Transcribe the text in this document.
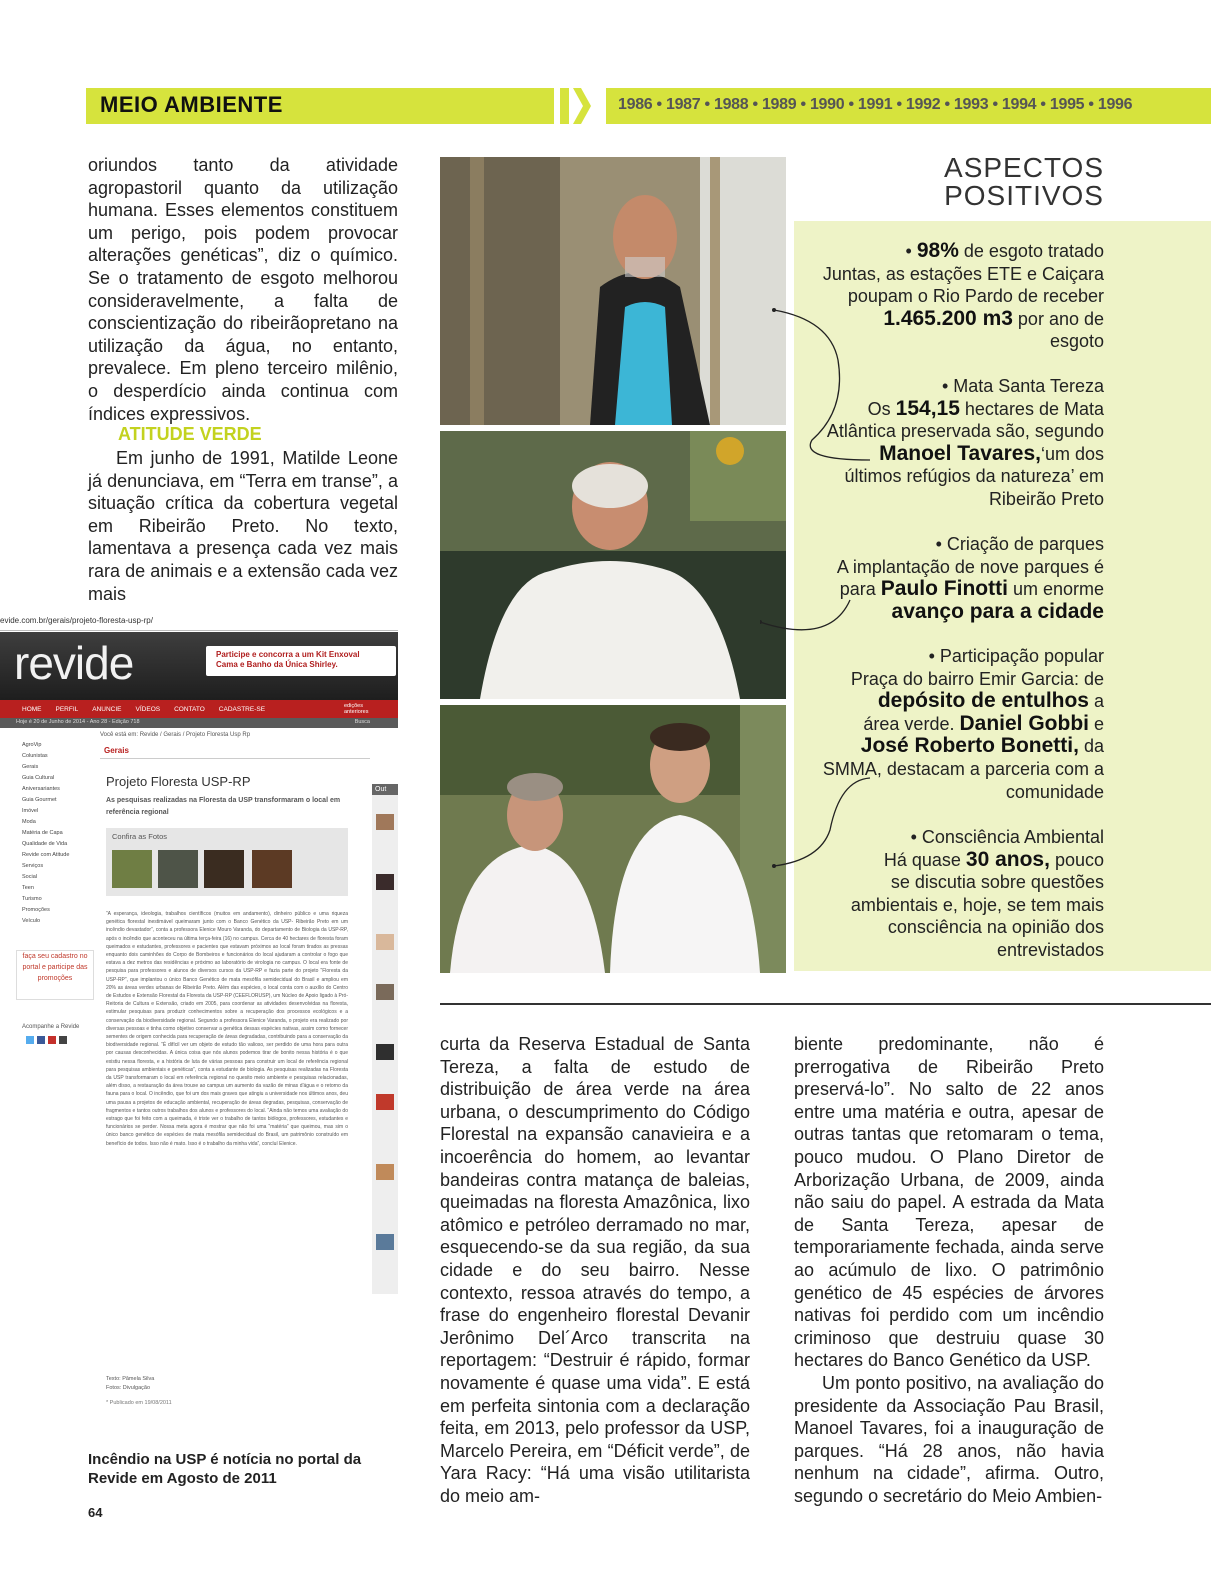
MEIO AMBIENTE	1986 • 1987 • 1988 • 1989 • 1990 • 1991 • 1992 • 1993 • 1994 • 1995 • 1996

oriundos tanto da atividade agropastoril quanto da utilização humana. Esses elementos constituem um perigo, pois podem provocar alterações genéticas”, diz o químico. Se o tratamento de esgoto melhorou consideravelmente, a falta de conscientização do ribeirãopretano na utilização da água, no entanto, prevalece. Em pleno terceiro milênio, o desperdício ainda continua com índices expressivos.

ATITUDE VERDE

Em junho de 1991, Matilde Leone já denunciava, em “Terra em transe”, a situação crítica da cobertura vegetal em Ribeirão Preto. No texto, lamentava a presença cada vez mais rara de animais e a extensão cada vez mais

ASPECTOS
POSITIVOS
• 98% de esgoto tratado
Juntas, as estações ETE e Caiçara
poupam o Rio Pardo de receber
1.465.200 m3 por ano de
esgoto
• Mata Santa Tereza
Os 154,15 hectares de Mata
Atlântica preservada são, segundo
Manoel Tavares,‘um dos
últimos refúgios da natureza’ em
Ribeirão Preto
• Criação de parques
A implantação de nove parques é
para Paulo Finotti um enorme
avanço para a cidade
• Participação popular
Praça do bairro Emir Garcia: de
depósito de entulhos a
área verde. Daniel Gobbi e
José Roberto Bonetti, da
SMMA, destacam a parceria com a
comunidade
• Consciência Ambiental
Há quase 30 anos, pouco
se discutia sobre questões
ambientais e, hoje, se tem mais
consciência na opinião dos
entrevistados
evide.com.br/gerais/projeto-floresta-usp-rp/
revide	Participe e concorra a um Kit Enxoval
Cama e Banho da Única Shirley.
HOME PERFIL ANUNCIE VÍDEOS CONTATO CADASTRE-SE	edições anteriores
Hoje é 20 de Junho de 2014 - Ano 28 - Edição 718	Busca
AgroVip
Colunistas
Gerais
Guia Cultural
Aniversariantes
Guia Gourmet
Imóvel
Moda
Matéria de Capa
Qualidade de Vida
Revide com Atitude
Serviços
Social
Teen
Turismo
Promoções
Veículo
faça seu cadastro no portal e participe das promoções
Acompanhe a Revide
Você está em: Revide / Gerais / Projeto Floresta Usp Rp
Gerais
Projeto Floresta USP-RP
As pesquisas realizadas na Floresta da USP transformaram o local em referência regional
Confira as Fotos
“A esperança, ideologia, trabalhos científicos (muitos em andamento), dinheiro público e uma riqueza genética florestal inestimável queimaram junto com o Banco Genético da USP- Ribeirão Preto em um incêndio devastador”, conta a professora Elenice Mouro Varanda, do departamento de Biologia da USP-RP, após o incêndio que aconteceu na última terça-feira (16) no campus. Cerca de 40 hectares de floresta foram queimados e estudantes, professores e pacientes que estavam próximos ao local foram tirados as pressas enquanto dois caminhões do Corpo de Bombeiros e funcionários do local ajudaram a controlar o fogo que estava a dez metros das residências e próximo ao laboratório de virologia no campus. O local era fonte de pesquisa para professores e alunos de diversos cursos da USP-RP e fazia parte do projeto “Floresta da USP-RP”, que implantou o único Banco Genético de mata mesófila semidecidual do Brasil e ampliou em 20% as áreas verdes urbanas de Ribeirão Preto. Além das espécies, o local conta com o auxílio do Centro de Estudos e Extensão Florestal da Floresta da USP-RP (CEEFLORUSP), um Núcleo de Apoio ligado à Pró-Reitoria de Cultura e Extensão, criado em 2005, para coordenar as atividades desenvolvidas na floresta, estimular pesquisas para produzir conhecimentos sobre a recuperação dos processos ecológicos e a conservação da biodiversidade regional. Segundo a professora Elenice Varanda, o projeto era realizado por diversas pessoas e tinha como objetivo conservar a genética dessas espécies nativas, assim como fornecer sementes de origem conhecida para recuperação de áreas degradadas, contribuindo para a conservação da biodiversidade regional. “É difícil ver um objeto de estudo tão valioso, ser perdido de uma hora para outra por causas desconhecidas. A única coisa que nós alunos podemos tirar de bonito nessa história é o que existiu nessa floresta, e a história de luta de várias pessoas para construir um local de referência regional para pesquisas ambientais e genéticas”, conta a estudante de biologia. As pesquisas realizadas na Floresta da USP transformaram o local em referência regional no quesito meio ambiente e pesquisas relacionadas, além disso, a restauração da área trouxe ao campus um aumento da vazão de minas d'água e o retorno da fauna para o local. O incêndio, que foi um dos mais graves que atingiu a universidade nos últimos anos, deu uma pausa a projetos de educação ambiental, recuperação de áreas degradas, pesquisas, conservação de fragmentos e tantos outros trabalhos dos alunos e professores do local. “Ainda não temos uma avaliação do estrago que foi feito com a queimada, é triste ver o trabalho de tantos biólogos, professores, estudantes e funcionários se perder. Nossa meta agora é mostrar que não foi uma “matéria” que queimou, mas sim o único banco genético de espécies de mata mesófila semidecidual do Brasil, um patrimônio construído em benefício de todos. Isso não é mato. Isso é o trabalho da minha vida”, concluí Elenice.
Texto: Pâmela Silva
Fotos: Divulgação
* Publicado em 19/08/2011
Out
Incêndio na USP é notícia no portal da Revide em Agosto de 2011
64

curta da Reserva Estadual de Santa Tereza, a falta de estudo de distribuição de área verde na área urbana, o descumprimento do Código Florestal na expansão canavieira e a incoerência do homem, ao levantar bandeiras contra matança de baleias, queimadas na floresta Amazônica, lixo atômico e petróleo derramado no mar, esquecendo-se da sua região, da sua cidade e do seu bairro. Nesse contexto, ressoa através do tempo, a frase do engenheiro florestal Devanir Jerônimo Del´Arco transcrita na reportagem: “Destruir é rápido, formar novamente é quase uma vida”. E está em perfeita sintonia com a declaração feita, em 2013, pelo professor da USP, Marcelo Pereira, em “Déficit verde”, de Yara Racy: “Há uma visão utilitarista do meio am-

biente predominante, não é prerrogativa de Ribeirão Preto preservá-lo”. No salto de 22 anos entre uma matéria e outra, apesar de outras tantas que retomaram o tema, pouco mudou. O Plano Diretor de Arborização Urbana, de 2009, ainda não saiu do papel. A estrada da Mata de Santa Tereza, apesar de temporariamente fechada, ainda serve ao acúmulo de lixo. O patrimônio genético de 45 espécies de árvores nativas foi perdido com um incêndio criminoso que destruiu quase 30 hectares do Banco Genético da USP.

Um ponto positivo, na avaliação do presidente da Associação Pau Brasil, Manoel Tavares, foi a inauguração de parques. “Há 28 anos, não havia nenhum na cidade”, afirma. Outro, segundo o secretário do Meio Ambien-
